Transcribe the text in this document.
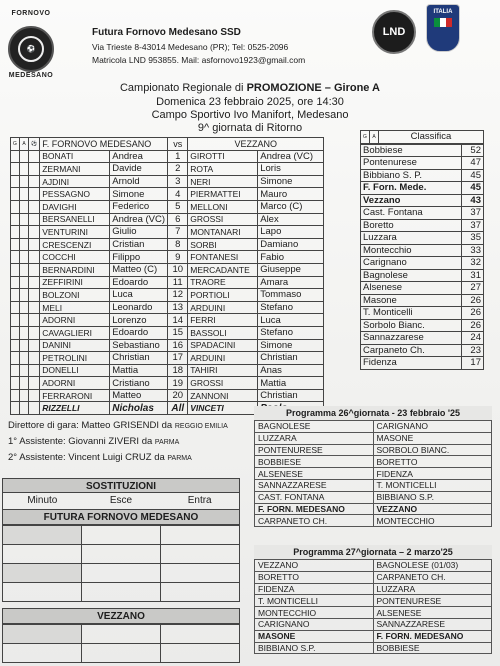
FORNOVO
⚽
MEDESANO
Futura Fornovo Medesano SSD
Via Trieste 8-43014 Medesano (PR); Tel: 0525-2096
Matricola LND 953855. Mail: asfornovo1923@gmail.com
LND
ITALIA
Campionato Regionale di PROMOZIONE – Girone A
Domenica 23 febbraio 2025, ore 14:30
Campo Sportivo Ivo Manifort, Medesano
9^ giornata di Ritorno
G	A	⚽	F. FORNOVO MEDESANO		vs	VEZZANO	
			BONATI	Andrea	1	GIROTTI	Andrea (VC)
			ZERMANI	Davide	2	ROTA	Loris
			AJDINI	Arnold	3	NERI	Simone
			PESSAGNO	Simone	4	PIERMATTEI	Mauro
			DAVIGHI	Federico	5	MELLONI	Marco (C)
			BERSANELLI	Andrea (VC)	6	GROSSI	Alex
			VENTURINI	Giulio	7	MONTANARI	Lapo
			CRESCENZI	Cristian	8	SORBI	Damiano
			COCCHI	Filippo	9	FONTANESI	Fabio
			BERNARDINI	Matteo (C)	10	MERCADANTE	Giuseppe
			ZEFFIRINI	Edoardo	11	TRAORE	Amara
			BOLZONI	Luca	12	PORTIOLI	Tommaso
			MELI	Leonardo	13	ARDUINI	Stefano
			ADORNI	Lorenzo	14	FERRI	Luca
			CAVAGLIERI	Edoardo	15	BASSOLI	Stefano
			DANINI	Sebastiano	16	SPADACINI	Simone
			PETROLINI	Christian	17	ARDUINI	Christian
			DONELLI	Mattia	18	TAHIRI	Anas
			ADORNI	Cristiano	19	GROSSI	Mattia
			FERRARONI	Matteo	20	ZANNONI	Christian
			RIZZELLI	Nicholas	All	VINCETI	
G	A	Classifica
Bobbiese	52
Pontenurese	47
Bibbiano S. P.	45
F. Forn. Mede.	45
Vezzano	43
Cast. Fontana	37
Boretto	37
Luzzara	35
Montecchio	33
Carignano	32
Bagnolese	31
Alsenese	27
Masone	26
T. Monticelli	26
Sorbolo Bianc.	26
Sannazzarese	24
Carpaneto Ch.	23
Fidenza	17
Direttore di gara: Matteo GRISENDI da REGGIO EMILIA
1° Assistente: Giovanni ZIVERI da PARMA
2° Assistente: Vincent Luigi CRUZ da PARMA
SOSTITUZIONI
Minuto	Esce	Entra
FUTURA FORNOVO MEDESANO

VEZZANO

Programma 26^giornata - 23 febbraio '25
BAGNOLESE	CARIGNANO
LUZZARA	MASONE
PONTENURESE	SORBOLO BIANC.
BOBBIESE	BORETTO
ALSENESE	FIDENZA
SANNAZZARESE	T. MONTICELLI
CAST. FONTANA	BIBBIANO S.P.
F. FORN. MEDESANO	VEZZANO
CARPANETO CH.	MONTECCHIO
Programma 27^giornata – 2 marzo'25
VEZZANO	BAGNOLESE (01/03)
BORETTO	CARPANETO CH.
FIDENZA	LUZZARA
T. MONTICELLI	PONTENURESE
MONTECCHIO	ALSENESE
CARIGNANO	SANNAZZARESE
MASONE	F. FORN. MEDESANO
BIBBIANO S.P.	BOBBIESE
